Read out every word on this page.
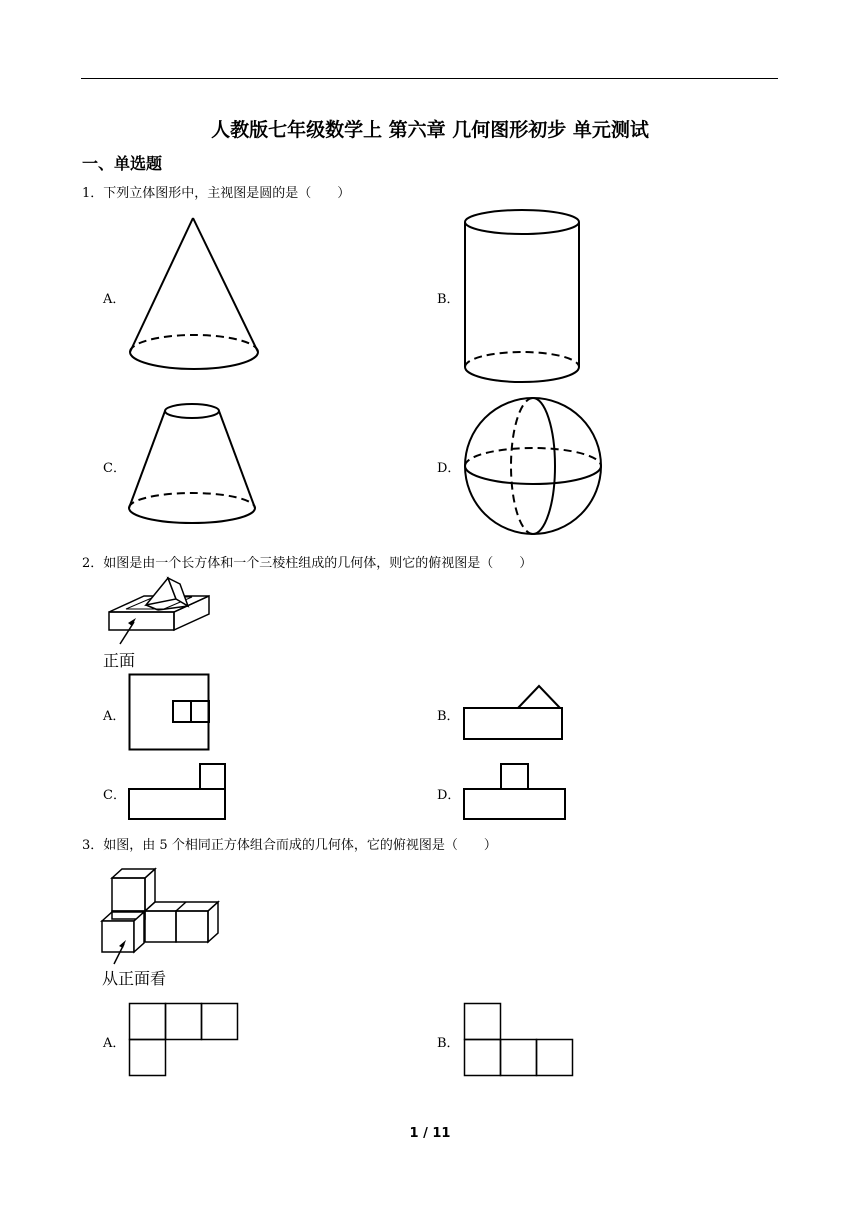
人教版七年级数学上 第六章 几何图形初步 单元测试
一、单选题
1．下列立体图形中，主视图是圆的是（　　）
A．	B．
C．	D．
2．如图是由一个长方体和一个三棱柱组成的几何体，则它的俯视图是（　　）
正面
A．	B．
C．	D．
3．如图，由 5 个相同正方体组合而成的几何体，它的俯视图是（　　）
从正面看
A．	B．
1 / 11
